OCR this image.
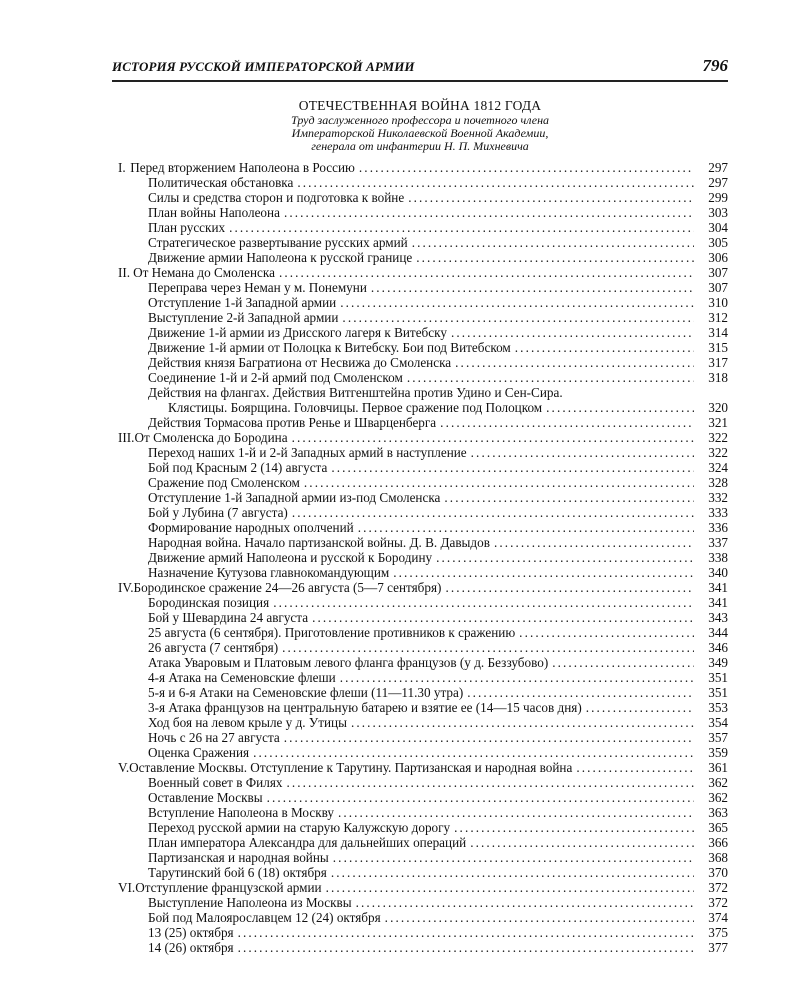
ИСТОРИЯ РУССКОЙ ИМПЕРАТОРСКОЙ АРМИИ	796
ОТЕЧЕСТВЕННАЯ ВОЙНА 1812 ГОДА
Труд заслуженного профессора и почетного члена
Императорской Николаевской Военной Академии,
генерала от инфантерии Н. П. Михневича
I. Перед вторжением Наполеона в Россию . . .	297
Политическая обстановка . . .	297
Силы и средства сторон и подготовка к войне . . .	299
План войны Наполеона . . .	303
План русских . . .	304
Стратегическое развертывание русских армий . . .	305
Движение армии Наполеона к русской границе . . .	306
II. От Немана до Смоленска . . .	307
Переправа через Неман у м. Понемуни . . .	307
Отступление 1-й Западной армии . . .	310
Выступление 2-й Западной армии . . .	312
Движение 1-й армии из Дрисского лагеря к Витебску . . .	314
Движение 1-й армии от Полоцка к Витебску. Бои под Витебском . . .	315
Действия князя Багратиона от Несвижа до Смоленска . . .	317
Соединение 1-й и 2-й армий под Смоленском . . .	318
Действия на флангах. Действия Витгенштейна против Удино и Сен-Сира.
Клястицы. Боярщина. Головчицы. Первое сражение под Полоцком . . .	320
Действия Тормасова против Ренье и Шварценберга . . .	321
III. От Смоленска до Бородина . . .	322
Переход наших 1-й и 2-й Западных армий в наступление . . .	322
Бой под Красным 2 (14) августа . . .	324
Сражение под Смоленском . . .	328
Отступление 1-й Западной армии из-под Смоленска . . .	332
Бой у Лубина (7 августа) . . .	333
Формирование народных ополчений . . .	336
Народная война. Начало партизанской войны. Д. В. Давыдов . . .	337
Движение армий Наполеона и русской к Бородину . . .	338
Назначение Кутузова главнокомандующим . . .	340
IV. Бородинское сражение 24—26 августа (5—7 сентября) . . .	341
Бородинская позиция . . .	341
Бой у Шевардина 24 августа . . .	343
25 августа (6 сентября). Приготовление противников к сражению . . .	344
26 августа (7 сентября) . . .	346
Атака Уваровым и Платовым левого фланга французов (у д. Беззубово) . . .	349
4-я Атака на Семеновские флеши . . .	351
5-я и 6-я Атаки на Семеновские флеши (11—11.30 утра) . . .	351
3-я Атака французов на центральную батарею и взятие ее (14—15 часов дня) . . .	353
Ход боя на левом крыле у д. Утицы . . .	354
Ночь с 26 на 27 августа . . .	357
Оценка Сражения . . .	359
V. Оставление Москвы. Отступление к Тарутину. Партизанская и народная война . . .	361
Военный совет в Филях . . .	362
Оставление Москвы . . .	362
Вступление Наполеона в Москву . . .	363
Переход русской армии на старую Калужскую дорогу . . .	365
План императора Александра для дальнейших операций . . .	366
Партизанская и народная войны . . .	368
Тарутинский бой 6 (18) октября . . .	370
VI. Отступление французской армии . . .	372
Выступление Наполеона из Москвы . . .	372
Бой под Малоярославцем 12 (24) октября . . .	374
13 (25) октября . . .	375
14 (26) октября . . .	377
